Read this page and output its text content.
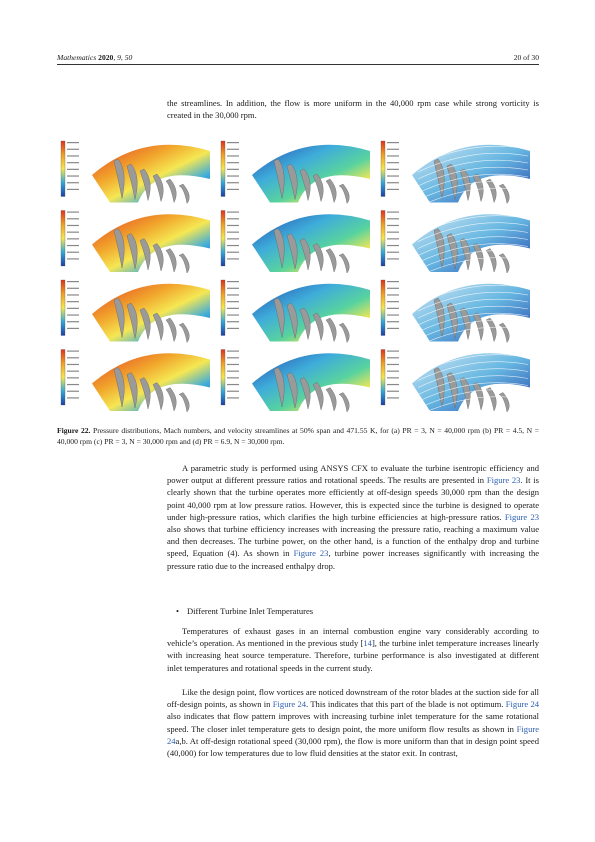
Mathematics 2020, 9, 50	20 of 30

the streamlines. In addition, the flow is more uniform in the 40,000 rpm case while strong vorticity is created in the 30,000 rpm.

Figure 22. Pressure distributions, Mach numbers, and velocity streamlines at 50% span and 471.55 K, for (a) PR = 3, N = 40,000 rpm (b) PR = 4.5, N = 40,000 rpm (c) PR = 3, N = 30,000 rpm and (d) PR = 6.9, N = 30,000 rpm.

A parametric study is performed using ANSYS CFX to evaluate the turbine isentropic efficiency and power output at different pressure ratios and rotational speeds. The results are presented in Figure 23. It is clearly shown that the turbine operates more efficiently at off-design speeds 30,000 rpm than the design point 40,000 rpm at low pressure ratios. However, this is expected since the turbine is designed to operate under high-pressure ratios, which clarifies the high turbine efficiencies at high-pressure ratios. Figure 23 also shows that turbine efficiency increases with increasing the pressure ratio, reaching a maximum value and then decreases. The turbine power, on the other hand, is a function of the enthalpy drop and turbine speed, Equation (4). As shown in Figure 23, turbine power increases significantly with increasing the pressure ratio due to the increased enthalpy drop.

• Different Turbine Inlet Temperatures

Temperatures of exhaust gases in an internal combustion engine vary considerably according to vehicle’s operation. As mentioned in the previous study [14], the turbine inlet temperature increases linearly with increasing heat source temperature. Therefore, turbine performance is also investigated at different inlet temperatures and rotational speeds in the current study.

Like the design point, flow vortices are noticed downstream of the rotor blades at the suction side for all off-design points, as shown in Figure 24. This indicates that this part of the blade is not optimum. Figure 24 also indicates that flow pattern improves with increasing turbine inlet temperature for the same rotational speed. The closer inlet temperature gets to design point, the more uniform flow results as shown in Figure 24a,b. At off-design rotational speed (30,000 rpm), the flow is more uniform than that in design point speed (40,000) for low temperatures due to low fluid densities at the stator exit. In contrast,
